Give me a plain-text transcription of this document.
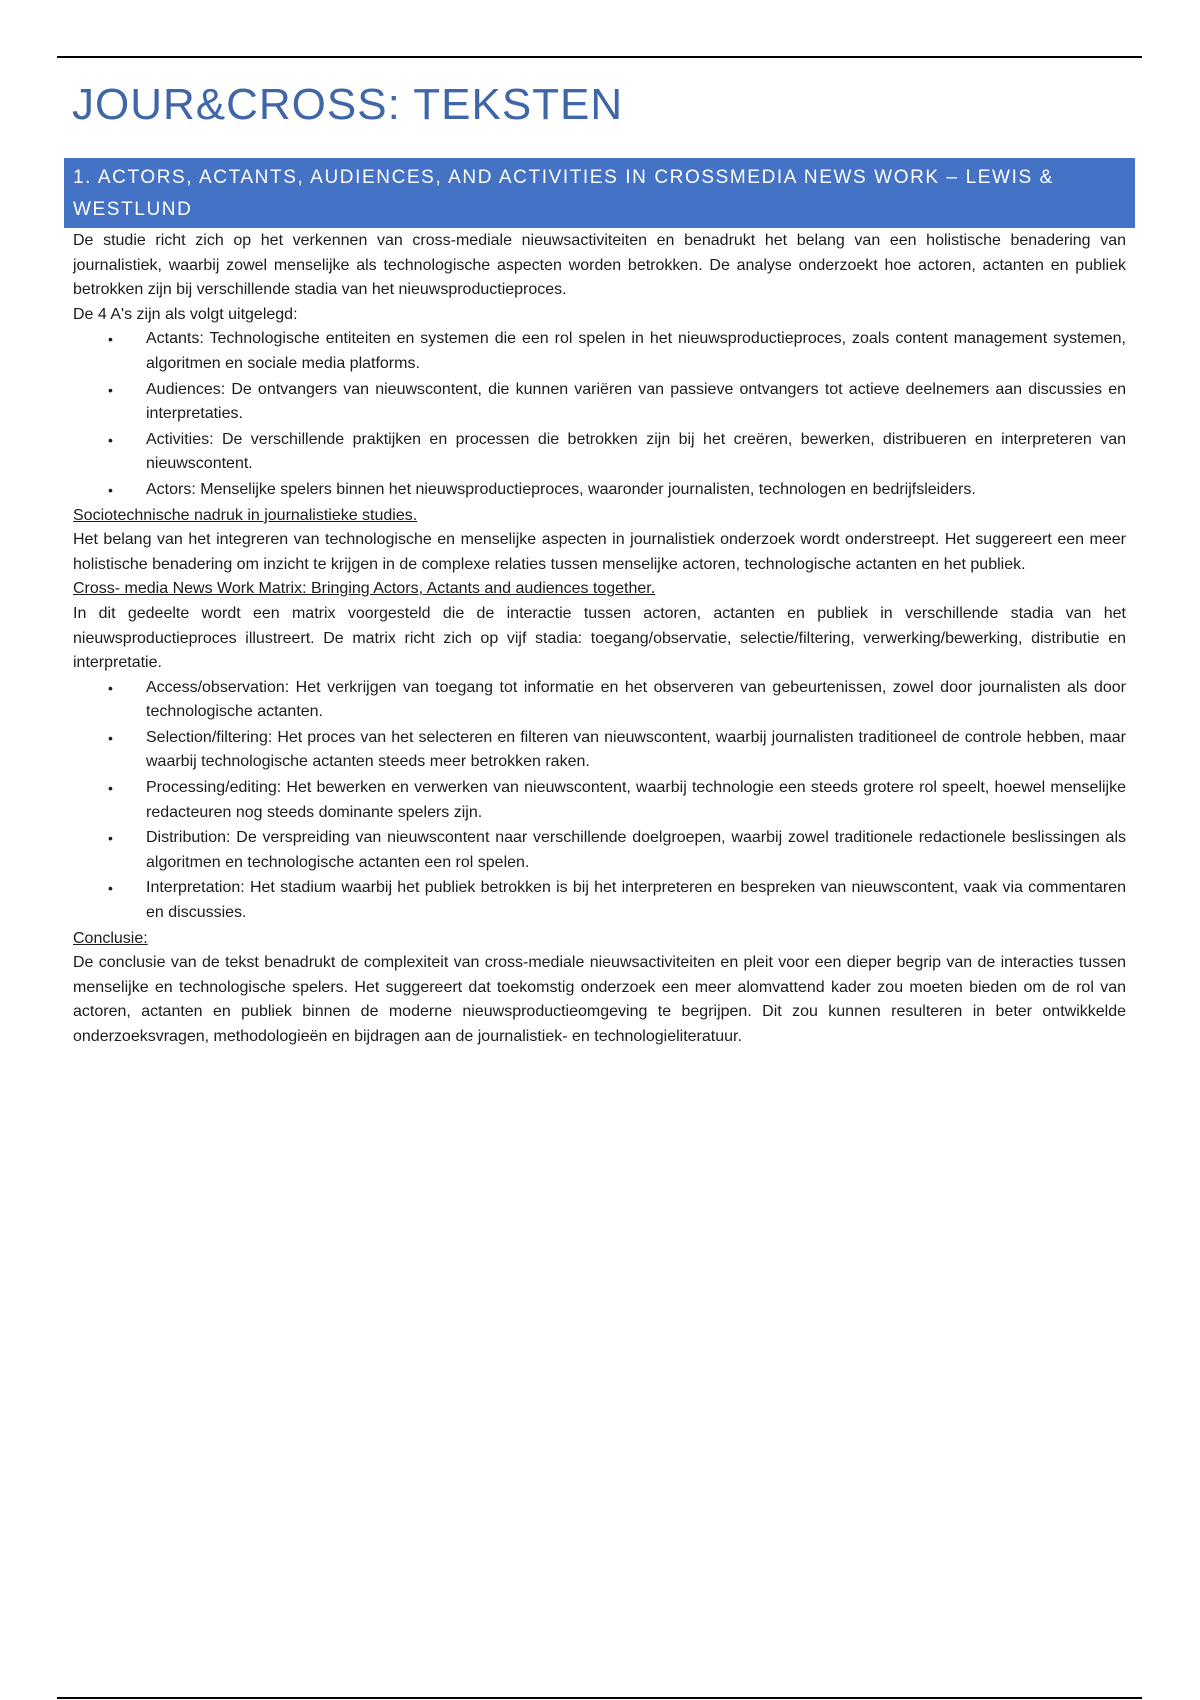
JOUR&CROSS: TEKSTEN
1. ACTORS, ACTANTS, AUDIENCES, AND ACTIVITIES IN CROSSMEDIA NEWS WORK – LEWIS & WESTLUND

De studie richt zich op het verkennen van cross-mediale nieuwsactiviteiten en benadrukt het belang van een holistische benadering van journalistiek, waarbij zowel menselijke als technologische aspecten worden betrokken. De analyse onderzoekt hoe actoren, actanten en publiek betrokken zijn bij verschillende stadia van het nieuwsproductieproces.

De 4 A's zijn als volgt uitgelegd:

• Actants: Technologische entiteiten en systemen die een rol spelen in het nieuwsproductieproces, zoals content management systemen, algoritmen en sociale media platforms.
• Audiences: De ontvangers van nieuwscontent, die kunnen variëren van passieve ontvangers tot actieve deelnemers aan discussies en interpretaties.
• Activities: De verschillende praktijken en processen die betrokken zijn bij het creëren, bewerken, distribueren en interpreteren van nieuwscontent.
• Actors: Menselijke spelers binnen het nieuwsproductieproces, waaronder journalisten, technologen en bedrijfsleiders.

Sociotechnische nadruk in journalistieke studies.

Het belang van het integreren van technologische en menselijke aspecten in journalistiek onderzoek wordt onderstreept. Het suggereert een meer holistische benadering om inzicht te krijgen in de complexe relaties tussen menselijke actoren, technologische actanten en het publiek.

Cross- media News Work Matrix: Bringing Actors, Actants and audiences together.

In dit gedeelte wordt een matrix voorgesteld die de interactie tussen actoren, actanten en publiek in verschillende stadia van het nieuwsproductieproces illustreert. De matrix richt zich op vijf stadia: toegang/observatie, selectie/filtering, verwerking/bewerking, distributie en interpretatie.

• Access/observation: Het verkrijgen van toegang tot informatie en het observeren van gebeurtenissen, zowel door journalisten als door technologische actanten.
• Selection/filtering: Het proces van het selecteren en filteren van nieuwscontent, waarbij journalisten traditioneel de controle hebben, maar waarbij technologische actanten steeds meer betrokken raken.
• Processing/editing: Het bewerken en verwerken van nieuwscontent, waarbij technologie een steeds grotere rol speelt, hoewel menselijke redacteuren nog steeds dominante spelers zijn.
• Distribution: De verspreiding van nieuwscontent naar verschillende doelgroepen, waarbij zowel traditionele redactionele beslissingen als algoritmen en technologische actanten een rol spelen.
• Interpretation: Het stadium waarbij het publiek betrokken is bij het interpreteren en bespreken van nieuwscontent, vaak via commentaren en discussies.

Conclusie:

De conclusie van de tekst benadrukt de complexiteit van cross-mediale nieuwsactiviteiten en pleit voor een dieper begrip van de interacties tussen menselijke en technologische spelers. Het suggereert dat toekomstig onderzoek een meer alomvattend kader zou moeten bieden om de rol van actoren, actanten en publiek binnen de moderne nieuwsproductieomgeving te begrijpen. Dit zou kunnen resulteren in beter ontwikkelde onderzoeksvragen, methodologieën en bijdragen aan de journalistiek- en technologieliteratuur.
